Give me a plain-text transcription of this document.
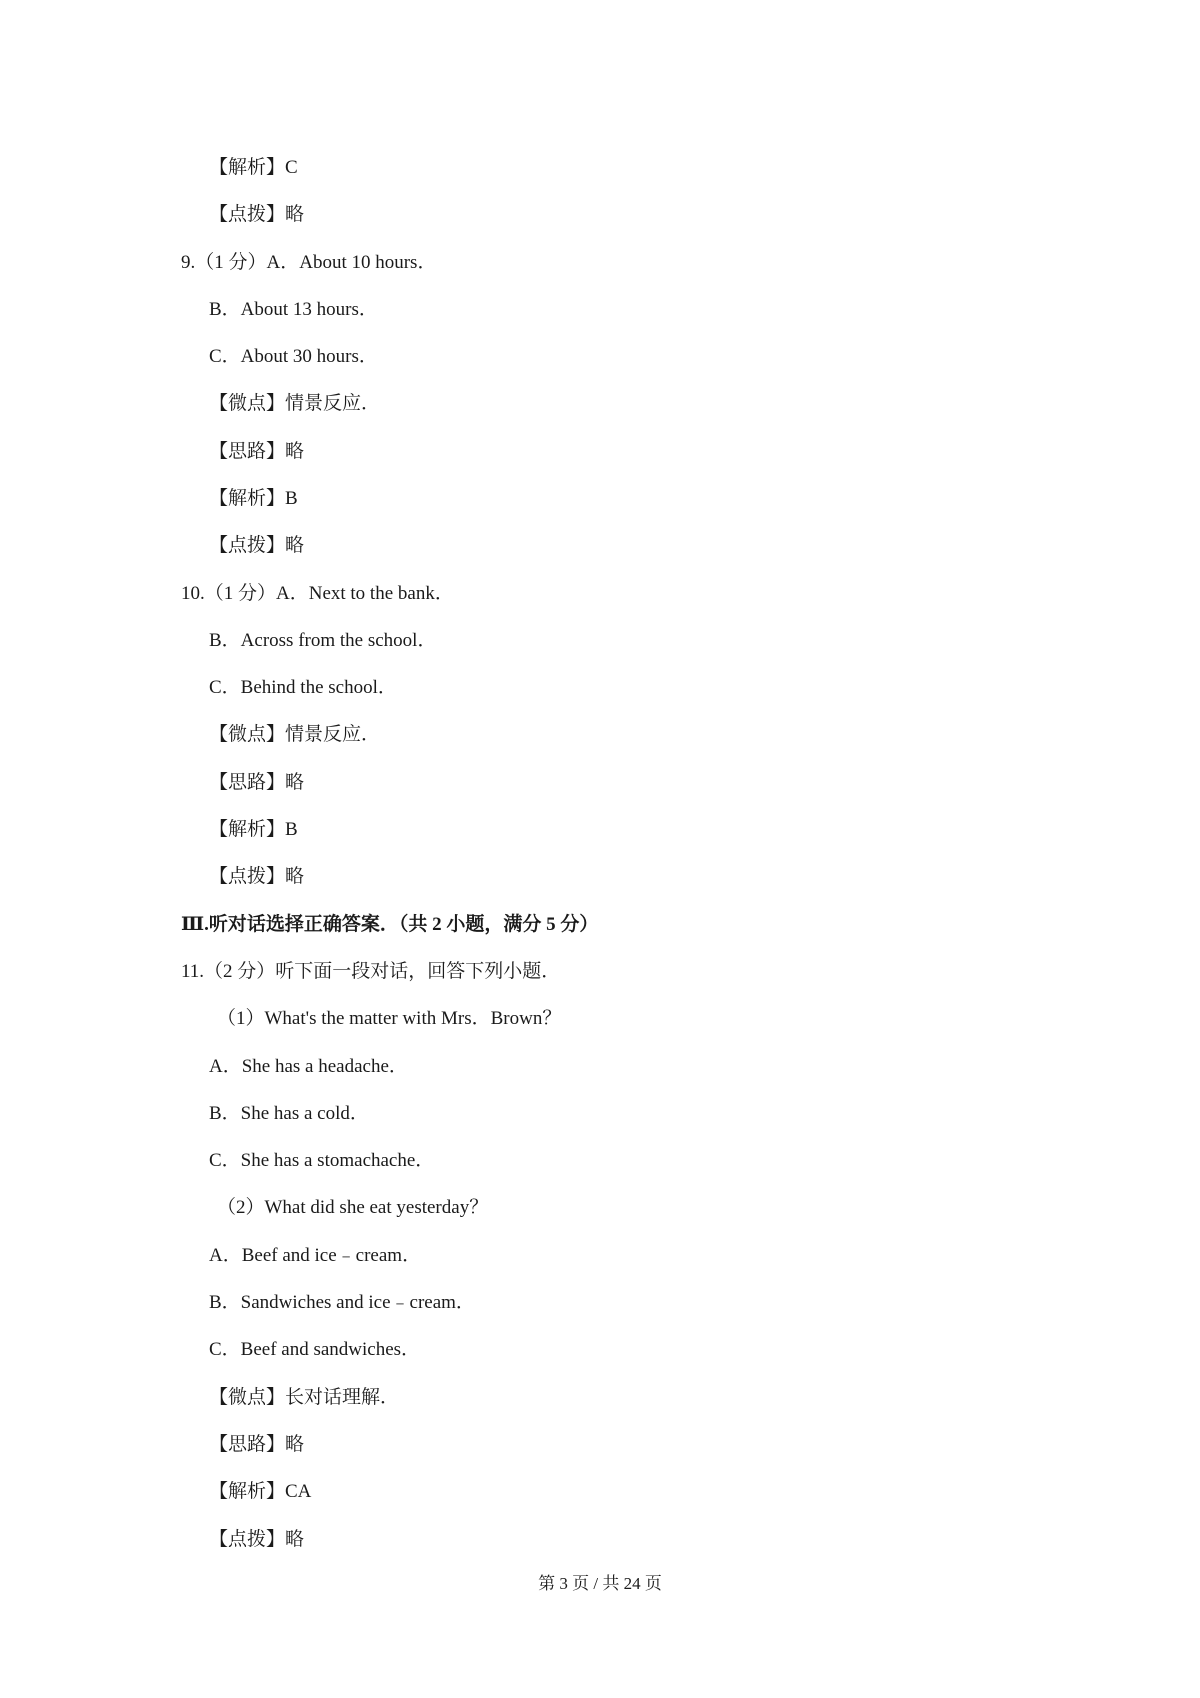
【解析】C
【点拨】略
9.（1 分）A．About 10 hours．
B．About 13 hours．
C．About 30 hours．
【微点】情景反应．
【思路】略
【解析】B
【点拨】略
10.（1 分）A．Next to the bank．
B．Across from the school．
C．Behind the school．
【微点】情景反应．
【思路】略
【解析】B
【点拨】略
Ⅲ.听对话选择正确答案．（共 2 小题，满分 5 分）
11.（2 分）听下面一段对话，回答下列小题．
（1）What's the matter with Mrs．Brown？
A．She has a headache．
B．She has a cold．
C．She has a stomachache．
（2）What did she eat yesterday？
A．Beef and ice﹣cream．
B．Sandwiches and ice﹣cream．
C．Beef and sandwiches．
【微点】长对话理解．
【思路】略
【解析】CA
【点拨】略
第 3 页 / 共 24 页
